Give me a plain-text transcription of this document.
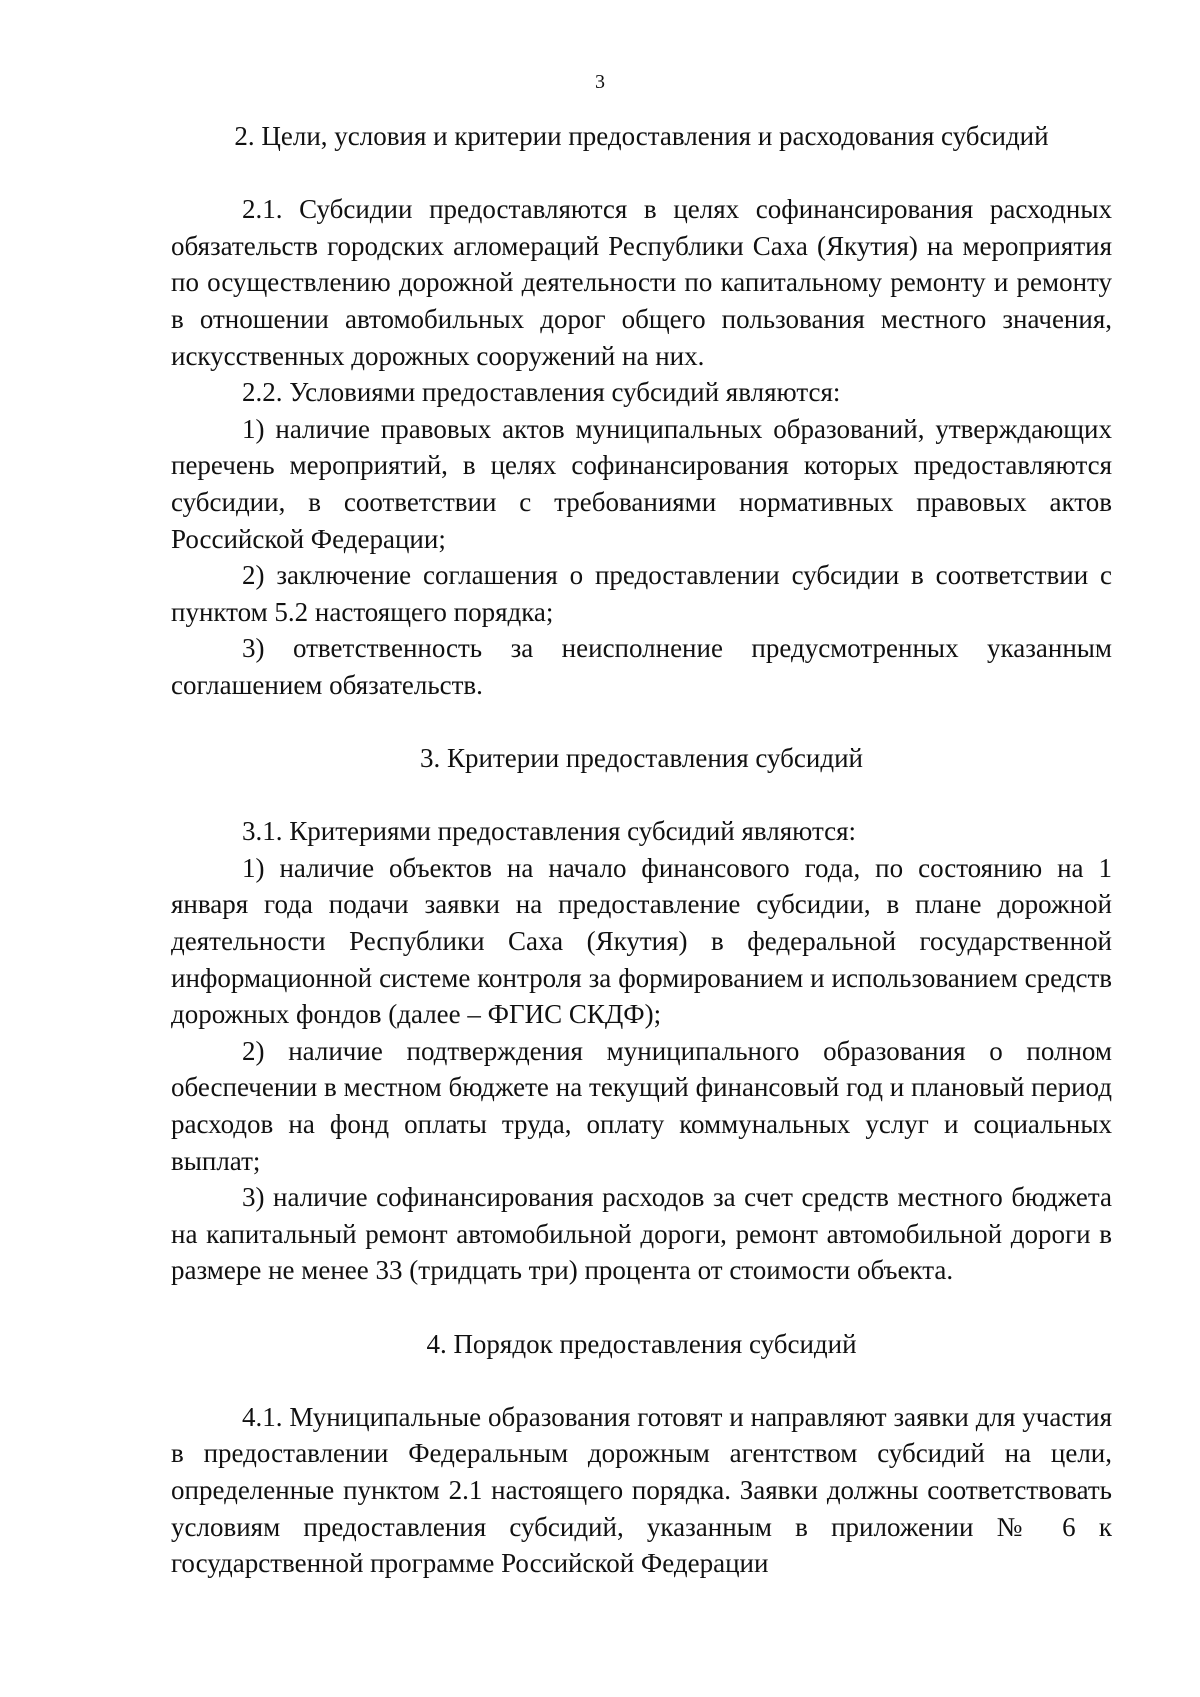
3
2. Цели, условия и критерии предоставления и расходования субсидий

2.1. Субсидии предоставляются в целях софинансирования расходных обязательств городских агломераций Республики Саха (Якутия) на мероприятия по осуществлению дорожной деятельности по капитальному ремонту и ремонту в отношении автомобильных дорог общего пользования местного значения, искусственных дорожных сооружений на них.

2.2. Условиями предоставления субсидий являются:

1) наличие правовых актов муниципальных образований, утверждающих перечень мероприятий, в целях софинансирования которых предоставляются субсидии, в соответствии с требованиями нормативных правовых актов Российской Федерации;

2) заключение соглашения о предоставлении субсидии в соответствии с пунктом 5.2 настоящего порядка;

3) ответственность за неисполнение предусмотренных указанным соглашением обязательств.

3. Критерии предоставления субсидий

3.1. Критериями предоставления субсидий являются:

1) наличие объектов на начало финансового года, по состоянию на 1 января года подачи заявки на предоставление субсидии, в плане дорожной деятельности Республики Саха (Якутия) в федеральной государственной информационной системе контроля за формированием и использованием средств дорожных фондов (далее – ФГИС СКДФ);

2) наличие подтверждения муниципального образования о полном обеспечении в местном бюджете на текущий финансовый год и плановый период расходов на фонд оплаты труда, оплату коммунальных услуг и социальных выплат;

3) наличие софинансирования расходов за счет средств местного бюджета на капитальный ремонт автомобильной дороги, ремонт автомобильной дороги в размере не менее 33 (тридцать три) процента от стоимости объекта.

4. Порядок предоставления субсидий

4.1. Муниципальные образования готовят и направляют заявки для участия в предоставлении Федеральным дорожным агентством субсидий на цели, определенные пунктом 2.1 настоящего порядка. Заявки должны соответствовать условиям предоставления субсидий, указанным в приложении № 6 к государственной программе Российской Федерации
